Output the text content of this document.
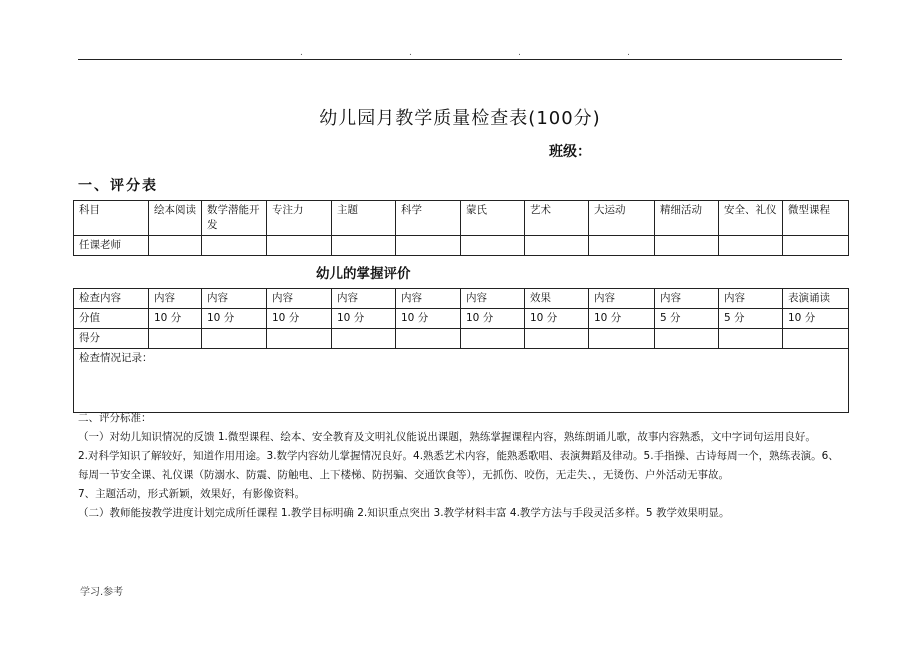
.	.	.	.
幼儿园月教学质量检查表(100分)
班级：
一、评分表
科目	绘本阅读	数学潜能开发	专注力	主题	科学	蒙氏	艺术	大运动	精细活动	安全、礼仪	微型课程
任课老师											
幼儿的掌握评价
检查内容	内容	内容	内容	内容	内容	内容	效果	内容	内容	内容	表演诵读
分值	10 分	10 分	10 分	10 分	10 分	10 分	10 分	10 分	5 分	5 分	10 分
得分											
检查情况记录：											
二、评分标准：
（一）对幼儿知识情况的反馈 1.微型课程、绘本、安全教育及文明礼仪能说出课题，熟练掌握课程内容，熟练朗诵儿歌，故事内容熟悉，文中字词句运用良好。
2.对科学知识了解较好，知道作用用途。3.数学内容幼儿掌握情况良好。4.熟悉艺术内容，能熟悉歌唱、表演舞蹈及律动。5.手指操、古诗每周一个，熟练表演。6、每周一节安全课、礼仪课（防溺水、防震、防触电、上下楼梯、防拐骗、交通饮食等），无抓伤、咬伤，无走失、，无烫伤、户外活动无事故。
7、主题活动，形式新颖，效果好，有影像资料。
（二）教师能按教学进度计划完成所任课程 1.教学目标明确 2.知识重点突出 3.教学材料丰富 4.教学方法与手段灵活多样。5 教学效果明显。
学习.参考
